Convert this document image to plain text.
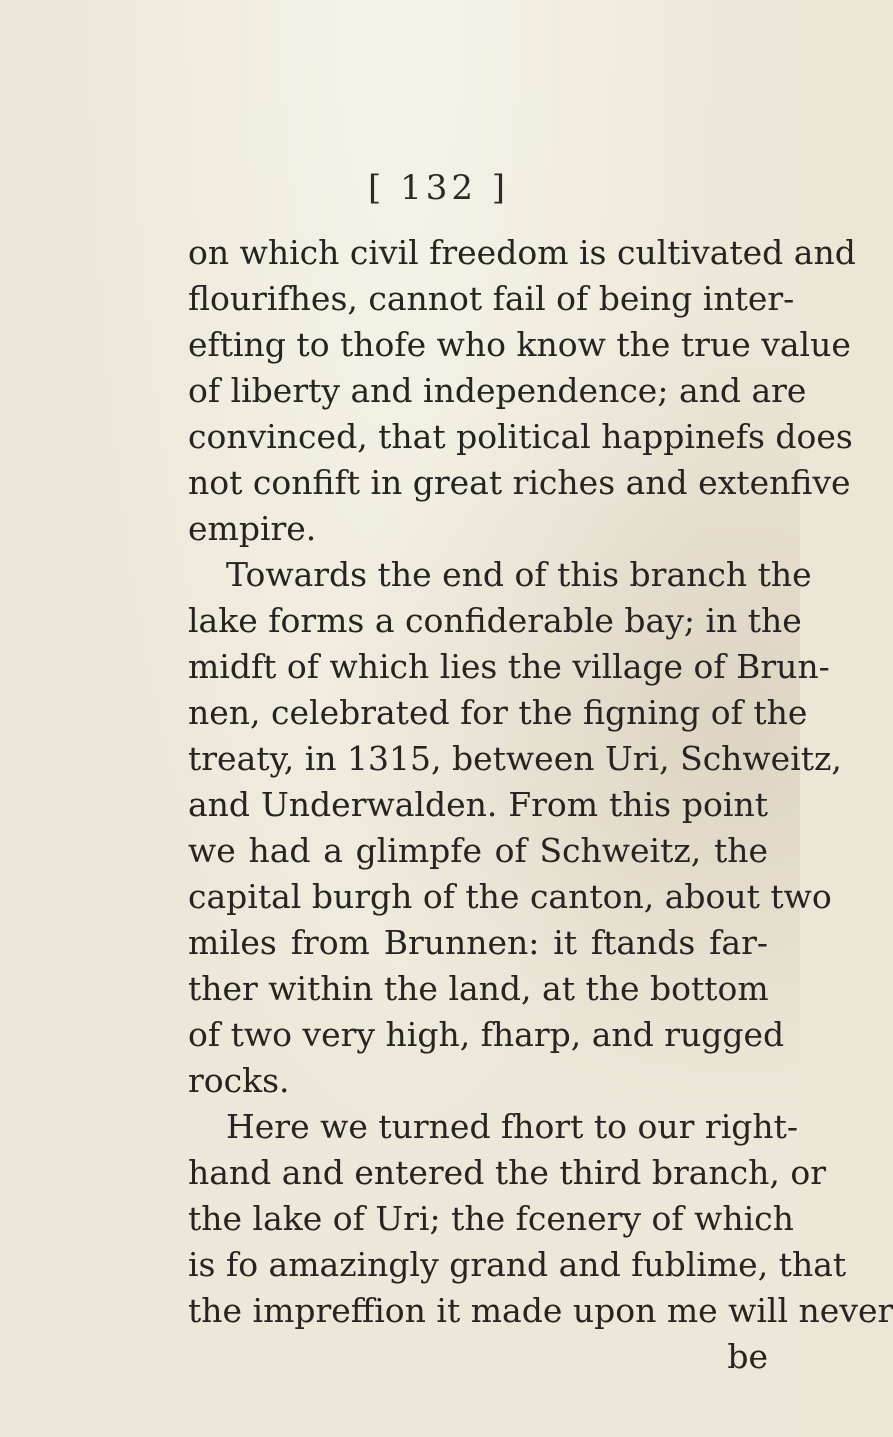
[ 132 ]
on which civil freedom is cultivated and
flourifhes, cannot fail of being inter-
efting to thofe who know the true value
of liberty and independence; and are
convinced, that political happinefs does
not confift in great riches and extenfive
empire.
Towards the end of this branch the
lake forms a confiderable bay; in the
midft of which lies the village of Brun-
nen, celebrated for the figning of the
treaty, in 1315, between Uri, Schweitz,
and Underwalden. From this point
we had a glimpfe of Schweitz, the
capital burgh of the canton, about two
miles from Brunnen: it ftands far-
ther within the land, at the bottom
of two very high, fharp, and rugged
rocks.
Here we turned fhort to our right-
hand and entered the third branch, or
the lake of Uri; the fcenery of which
is fo amazingly grand and fublime, that
the impreffion it made upon me will never
be
